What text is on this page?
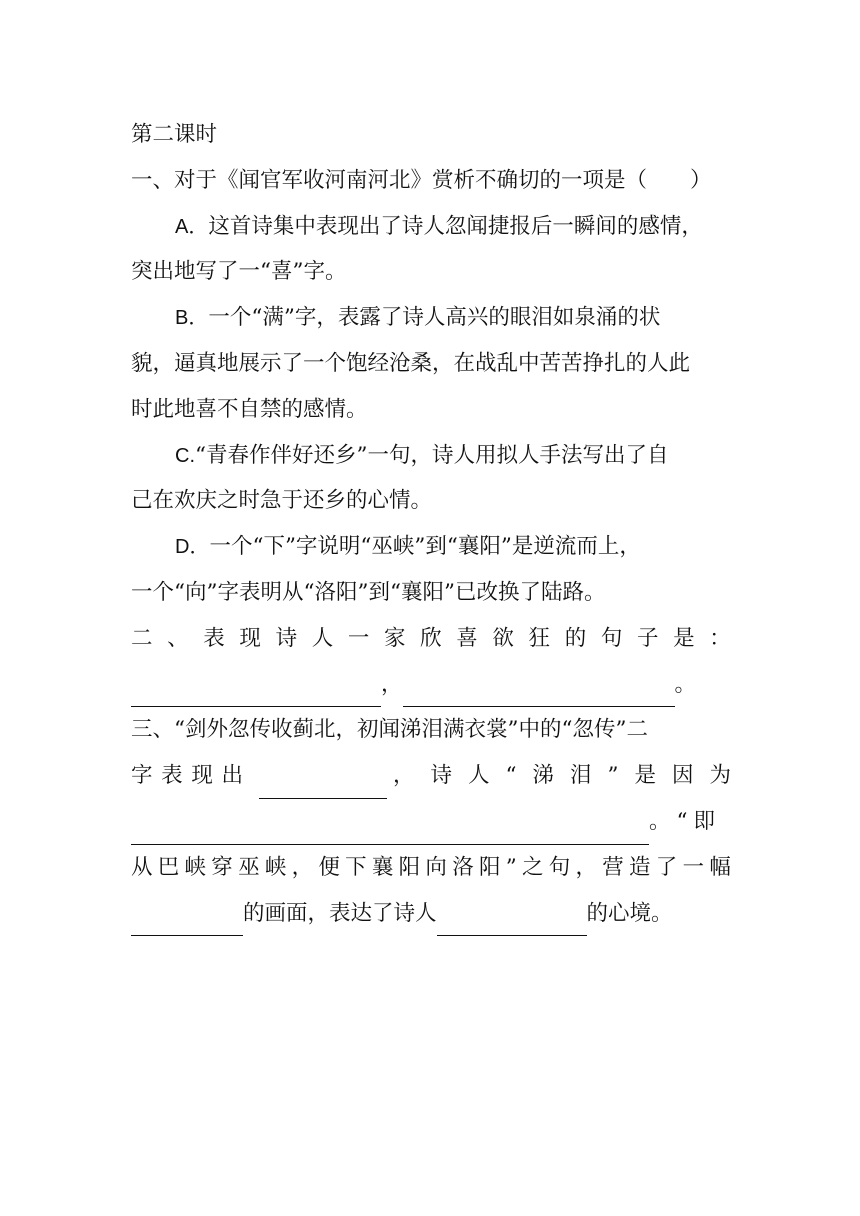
第二课时
一、对于《闻官军收河南河北》赏析不确切的一项是（　　）
A．这首诗集中表现出了诗人忽闻捷报后一瞬间的感情，
突出地写了一“喜”字。
B．一个“满”字，表露了诗人高兴的眼泪如泉涌的状
貌，逼真地展示了一个饱经沧桑，在战乱中苦苦挣扎的人此
时此地喜不自禁的感情。
C.“青春作伴好还乡”一句，诗人用拟人手法写出了自
己在欢庆之时急于还乡的心情。
D．一个“下”字说明“巫峡”到“襄阳”是逆流而上，
一个“向”字表明从“洛阳”到“襄阳”已改换了陆路。
二 、 表 现 诗 人 一 家 欣 喜 欲 狂 的 句 子 是 ：
，	。
三、“剑外忽传收蓟北，初闻涕泪满衣裳”中的“忽传”二
字 表 现 出	， 诗 人 “ 涕 泪 ” 是 因 为
。“即
从 巴 峡 穿 巫 峡 ， 便 下 襄 阳 向 洛 阳 ” 之 句 ， 营 造 了 一 幅
的画面，表达了诗人	的心境。
